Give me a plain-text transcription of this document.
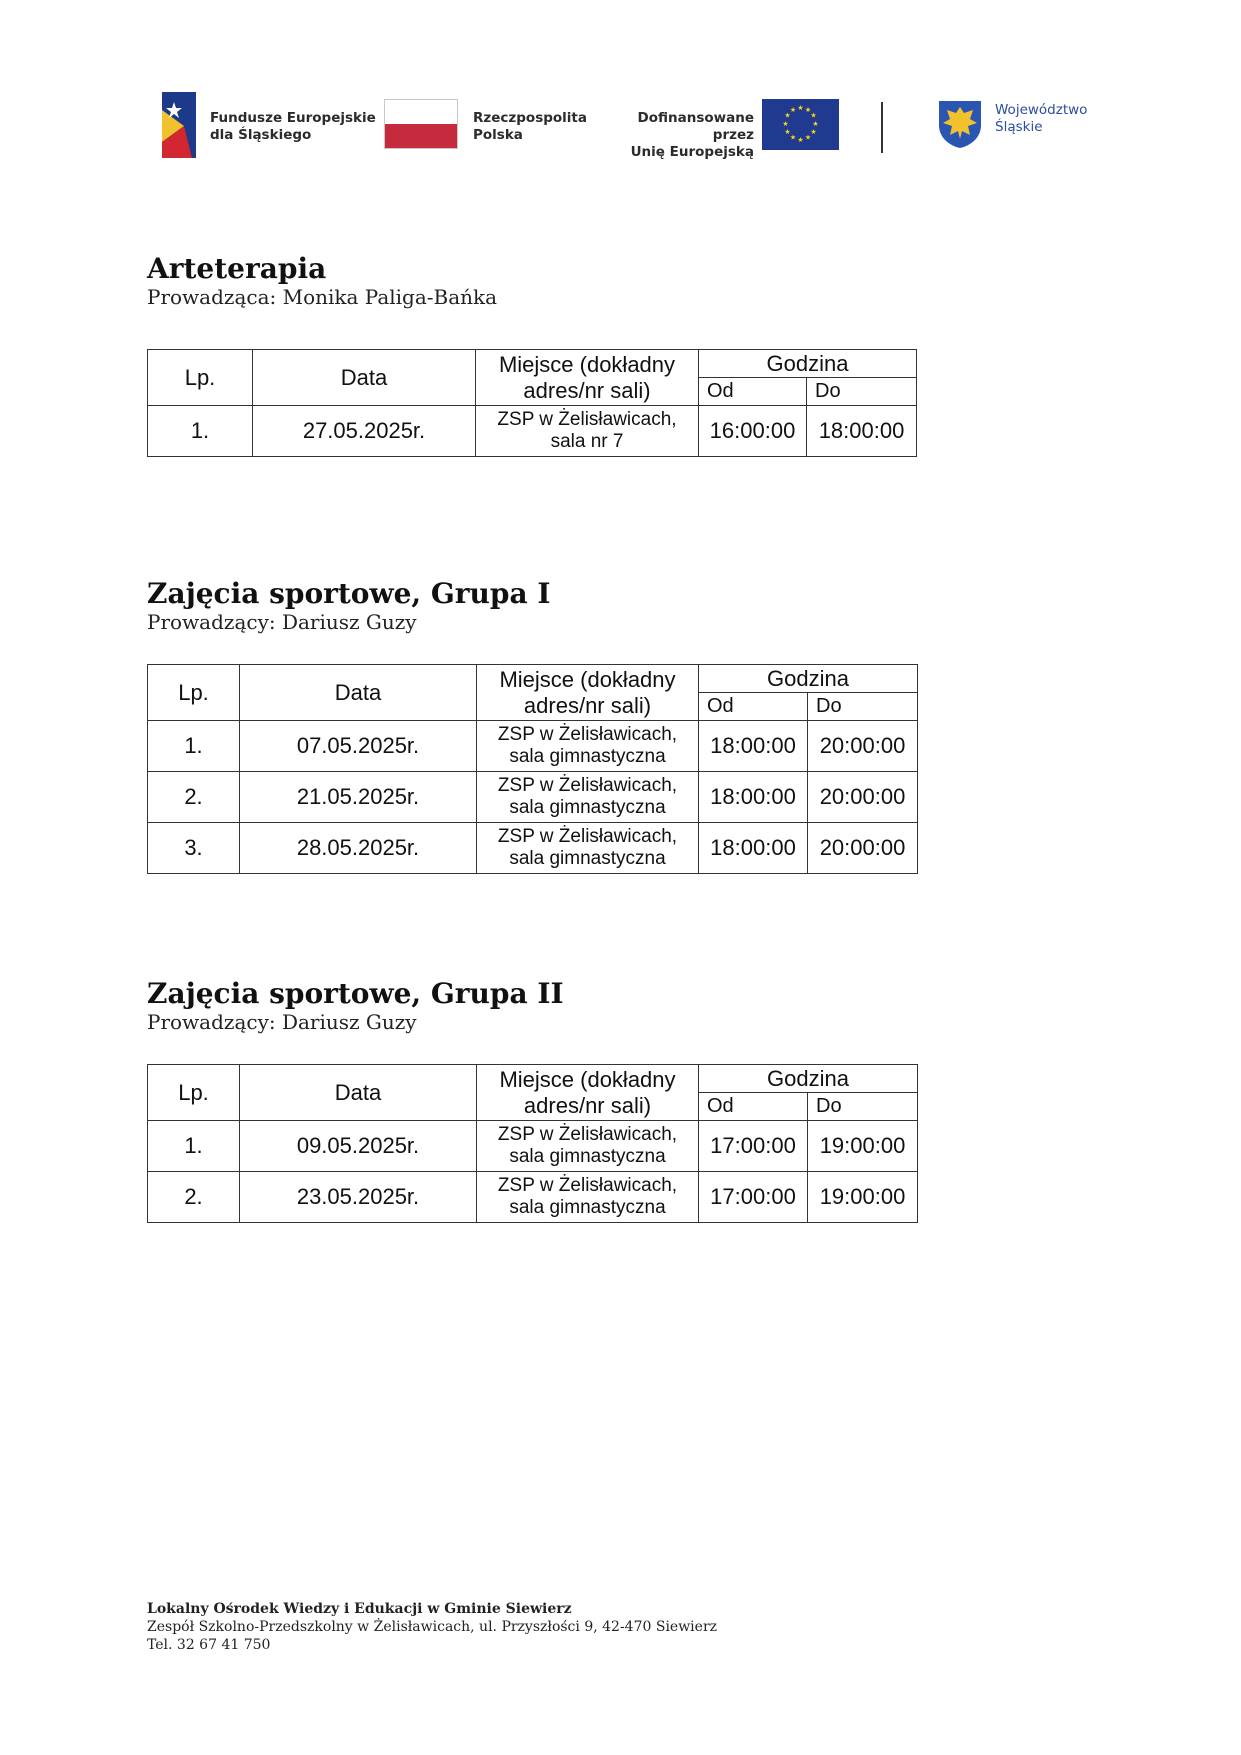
Fundusze Europejskie
dla Śląskiego
Rzeczpospolita
Polska
Dofinansowane przez
Unię Europejską
★ ★
★
★
★
★
★
★
★
★
★
★	Województwo
Śląskie
Arteterapia

Prowadząca: Monika Paliga-Bańka

Lp.	Data	Miejsce (dokładny
adres/nr sali)	Godzina	
			Od	Do
1.	27.05.2025r.	ZSP w Żelisławicach,
sala nr 7	16:00:00	18:00:00
Zajęcia sportowe, Grupa I

Prowadzący: Dariusz Guzy

Lp.	Data	Miejsce (dokładny
adres/nr sali)	Godzina	
			Od	Do
1.	07.05.2025r.	ZSP w Żelisławicach,
sala gimnastyczna	18:00:00	20:00:00
2.	21.05.2025r.	ZSP w Żelisławicach,
sala gimnastyczna	18:00:00	20:00:00
3.	28.05.2025r.	ZSP w Żelisławicach,
sala gimnastyczna	18:00:00	20:00:00
Zajęcia sportowe, Grupa II

Prowadzący: Dariusz Guzy

Lp.	Data	Miejsce (dokładny
adres/nr sali)	Godzina	
			Od	Do
1.	09.05.2025r.	ZSP w Żelisławicach,
sala gimnastyczna	17:00:00	19:00:00
2.	23.05.2025r.	ZSP w Żelisławicach,
sala gimnastyczna	17:00:00	19:00:00
Lokalny Ośrodek Wiedzy i Edukacji w Gminie Siewierz
Zespół Szkolno-Przedszkolny w Żelisławicach, ul. Przyszłości 9, 42-470 Siewierz
Tel. 32 67 41 750
